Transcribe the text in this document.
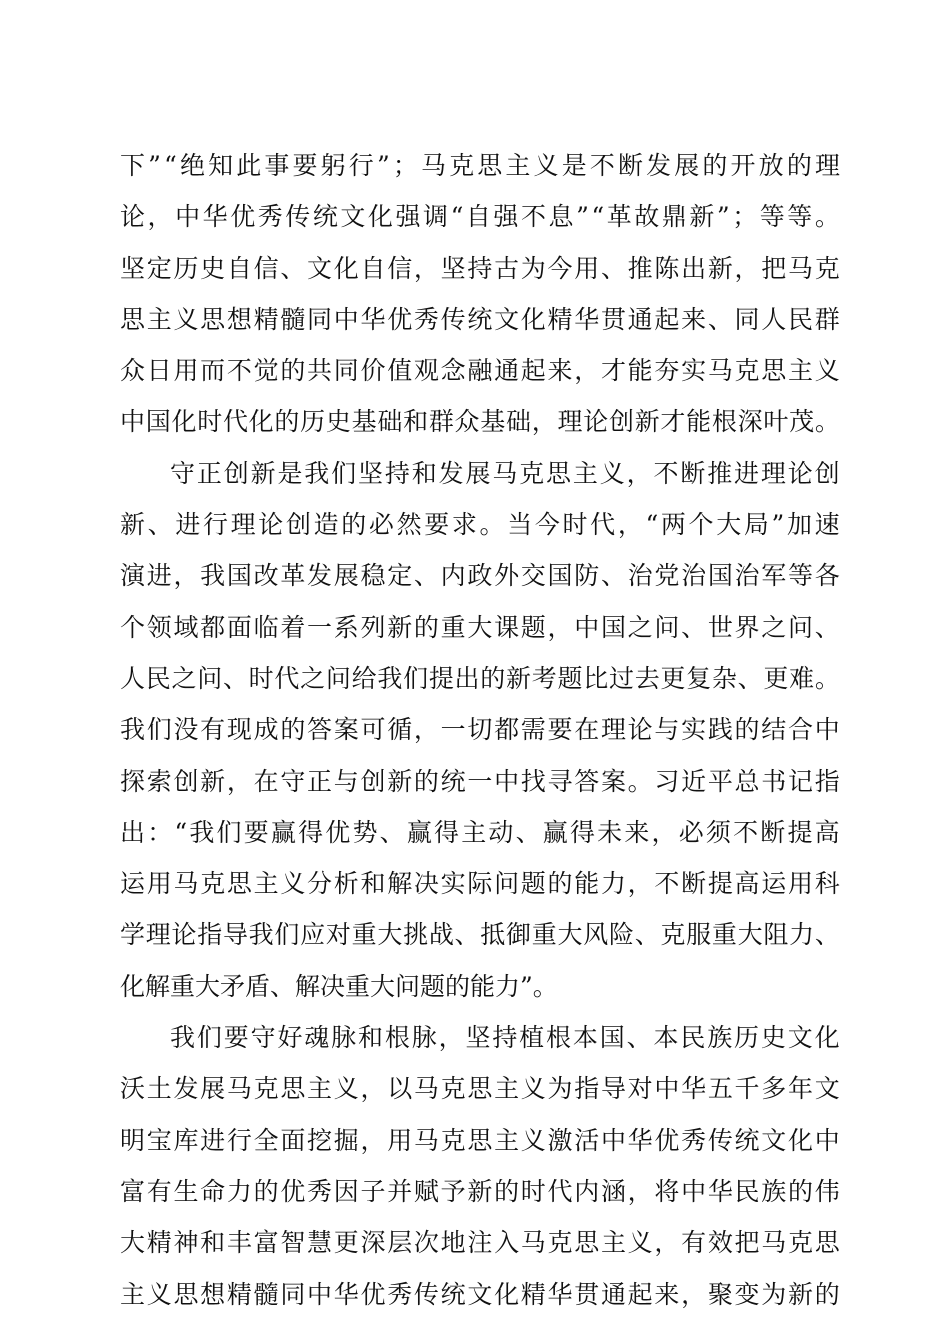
下 ” “ 绝 知 此 事 要 躬 行 ” ； 马 克 思 主 义 是 不 断 发 展 的 开 放 的 理
论 ， 中 华 优 秀 传 统 文 化 强 调 “ 自 强 不 息 ” “ 革 故 鼎 新 ” ； 等 等 。
坚 定 历 史 自 信 、 文 化 自 信 ， 坚 持 古 为 今 用 、 推 陈 出 新 ， 把 马 克
思 主 义 思 想 精 髓 同 中 华 优 秀 传 统 文 化 精 华 贯 通 起 来 、 同 人 民 群
众 日 用 而 不 觉 的 共 同 价 值 观 念 融 通 起 来 ， 才 能 夯 实 马 克 思 主 义
中 国 化 时 代 化 的 历 史 基 础 和 群 众 基 础 ， 理 论 创 新 才 能 根 深 叶 茂 。
守 正 创 新 是 我 们 坚 持 和 发 展 马 克 思 主 义 ， 不 断 推 进 理 论 创
新 、 进 行 理 论 创 造 的 必 然 要 求 。 当 今 时 代 ， “ 两 个 大 局 ” 加 速
演 进 ， 我 国 改 革 发 展 稳 定 、 内 政 外 交 国 防 、 治 党 治 国 治 军 等 各
个 领 域 都 面 临 着 一 系 列 新 的 重 大 课 题 ， 中 国 之 问 、 世 界 之 问 、
人 民 之 问 、 时 代 之 问 给 我 们 提 出 的 新 考 题 比 过 去 更 复 杂 、 更 难 。
我 们 没 有 现 成 的 答 案 可 循 ， 一 切 都 需 要 在 理 论 与 实 践 的 结 合 中
探 索 创 新 ， 在 守 正 与 创 新 的 统 一 中 找 寻 答 案 。 习 近 平 总 书 记 指
出 ： “ 我 们 要 赢 得 优 势 、 赢 得 主 动 、 赢 得 未 来 ， 必 须 不 断 提 高
运 用 马 克 思 主 义 分 析 和 解 决 实 际 问 题 的 能 力 ， 不 断 提 高 运 用 科
学 理 论 指 导 我 们 应 对 重 大 挑 战 、 抵 御 重 大 风 险 、 克 服 重 大 阻 力 、
化解重大矛盾、解决重大问题的能力”。
我 们 要 守 好 魂 脉 和 根 脉 ， 坚 持 植 根 本 国 、 本 民 族 历 史 文 化
沃 土 发 展 马 克 思 主 义 ， 以 马 克 思 主 义 为 指 导 对 中 华 五 千 多 年 文
明 宝 库 进 行 全 面 挖 掘 ， 用 马 克 思 主 义 激 活 中 华 优 秀 传 统 文 化 中
富 有 生 命 力 的 优 秀 因 子 并 赋 予 新 的 时 代 内 涵 ， 将 中 华 民 族 的 伟
大 精 神 和 丰 富 智 慧 更 深 层 次 地 注 入 马 克 思 主 义 ， 有 效 把 马 克 思
主 义 思 想 精 髓 同 中 华 优 秀 传 统 文 化 精 华 贯 通 起 来 ， 聚 变 为 新 的
